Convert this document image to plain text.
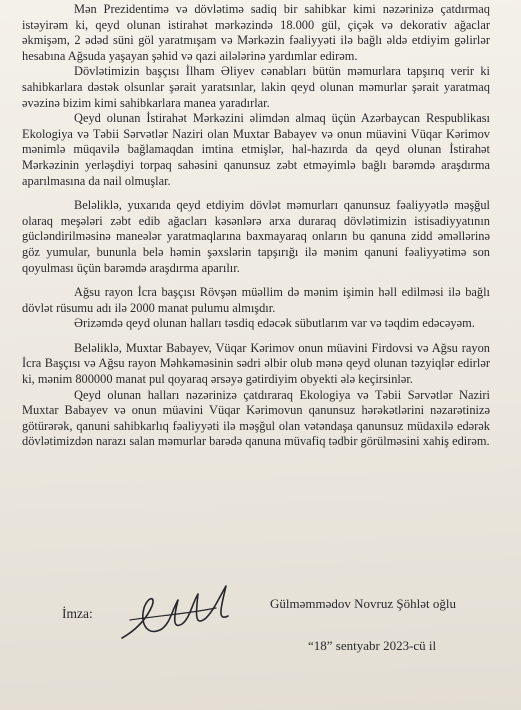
Mən Prezidentimə və dövlətimə sadiq bir sahibkar kimi nəzərinizə çatdırmaq istəyirəm ki, qeyd olunan istirahət mərkəzində 18.000 gül, çiçək və dekorativ ağaclar əkmişəm, 2 ədəd süni göl yaratmışam və Mərkəzin fəaliyyəti ilə bağlı əldə etdiyim gəlirlər hesabına Ağsuda yaşayan şəhid və qazi ailələrinə yardımlar edirəm.

Dövlətimizin başçısı İlham Əliyev cənabları bütün məmurlara tapşırıq verir ki sahibkarlara dəstək olsunlar şərait yaratsınlar, lakin qeyd olunan məmurlar şərait yaratmaq əvəzinə bizim kimi sahibkarlara manea yaradırlar.

Qeyd olunan İstirahət Mərkəzini əlimdən almaq üçün Azərbaycan Respublikası Ekologiya və Təbii Sərvətlər Naziri olan Muxtar Babayev və onun müavini Vüqar Kərimov mənimlə müqavilə bağlamaqdan imtina etmişlər, hal-hazırda da qeyd olunan İstirahət Mərkəzinin yerləşdiyi torpaq sahəsini qanunsuz zəbt etməyimlə bağlı barəmdə araşdırma aparılmasına da nail olmuşlar.

Beləliklə, yuxarıda qeyd etdiyim dövlət məmurları qanunsuz fəaliyyətlə məşğul olaraq meşələri zəbt edib ağacları kəsənlərə arxa duraraq dövlətimizin istisadiyyatının gücləndirilməsinə maneələr yaratmaqlarına baxmayaraq onların bu qanuna zidd əməllərinə göz yumular, bununla belə həmin şəxslərin tapşırığı ilə mənim qanuni fəaliyyətimə son qoyulması üçün barəmdə araşdırma aparılır.

Ağsu rayon İcra başçısı Rövşən müəllim də mənim işimin həll edilməsi ilə bağlı dövlət rüsumu adı ilə 2000 manat pulumu almışdır.

Ərizəmdə qeyd olunan halları təsdiq edəcək sübutlarım var və təqdim edəcəyəm.

Beləliklə, Muxtar Babayev, Vüqar Kərimov onun müavini Firdovsi və Ağsu rayon İcra Başçısı və Ağsu rayon Məhkəməsinin sədri əlbir olub mənə qeyd olunan təzyiqlər edirlər ki, mənim 800000 manat pul qoyaraq ərsəyə gətirdiyim obyekti ələ keçirsinlər.

Qeyd olunan halları nəzərinizə çatdıraraq Ekologiya və Təbii Sərvətlər Naziri Muxtar Babayev və onun müavini Vüqar Kərimovun qanunsuz hərəkətlərini nəzarətinizə götürərək, qanuni sahibkarlıq fəaliyyəti ilə məşğul olan vətəndaşa qanunsuz müdaxilə edərək dövlətimizdən narazı salan məmurlar barədə qanuna müvafiq tədbir görülməsini xahiş edirəm.

İmza:
Gülməmmədov Novruz Şöhlət oğlu
“18” sentyabr 2023-cü il
